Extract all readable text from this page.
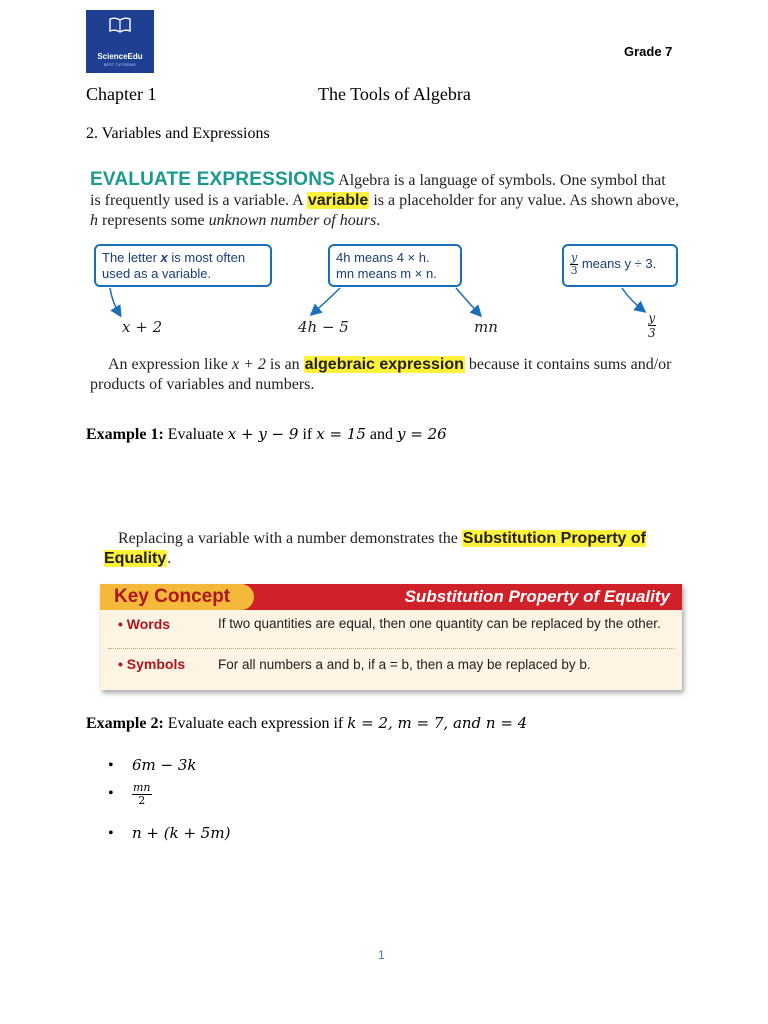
ScienceEdu
BEST TUTORING
Grade 7
Chapter 1	The Tools of Algebra
2. Variables and Expressions
EVALUATE EXPRESSIONS Algebra is a language of symbols. One symbol that is frequently used is a variable. A variable is a placeholder for any value. As shown above, h represents some unknown number of hours.
The letter x is most often used as a variable.
4h means 4 × h.
mn means m × n.	$\frac{y}{3}$ means y ÷ 3.
x + 2	4h − 5	mn	$\frac{y}{3}$
An expression like x + 2 is an algebraic expression because it contains sums and/or products of variables and numbers.
Example 1: Evaluate x + y − 9 if x = 15 and y = 26
Replacing a variable with a number demonstrates the Substitution Property of Equality.
Key Concept	Substitution Property of Equality
• Words	If two quantities are equal, then one quantity can be replaced by the other.
• Symbols For all numbers a and b, if a = b, then a may be replaced by b.
Example 2: Evaluate each expression if k = 2, m = 7, and n = 4
• 6m − 3k
• $\frac{mn}{2}$
• n + (k + 5m)
1
